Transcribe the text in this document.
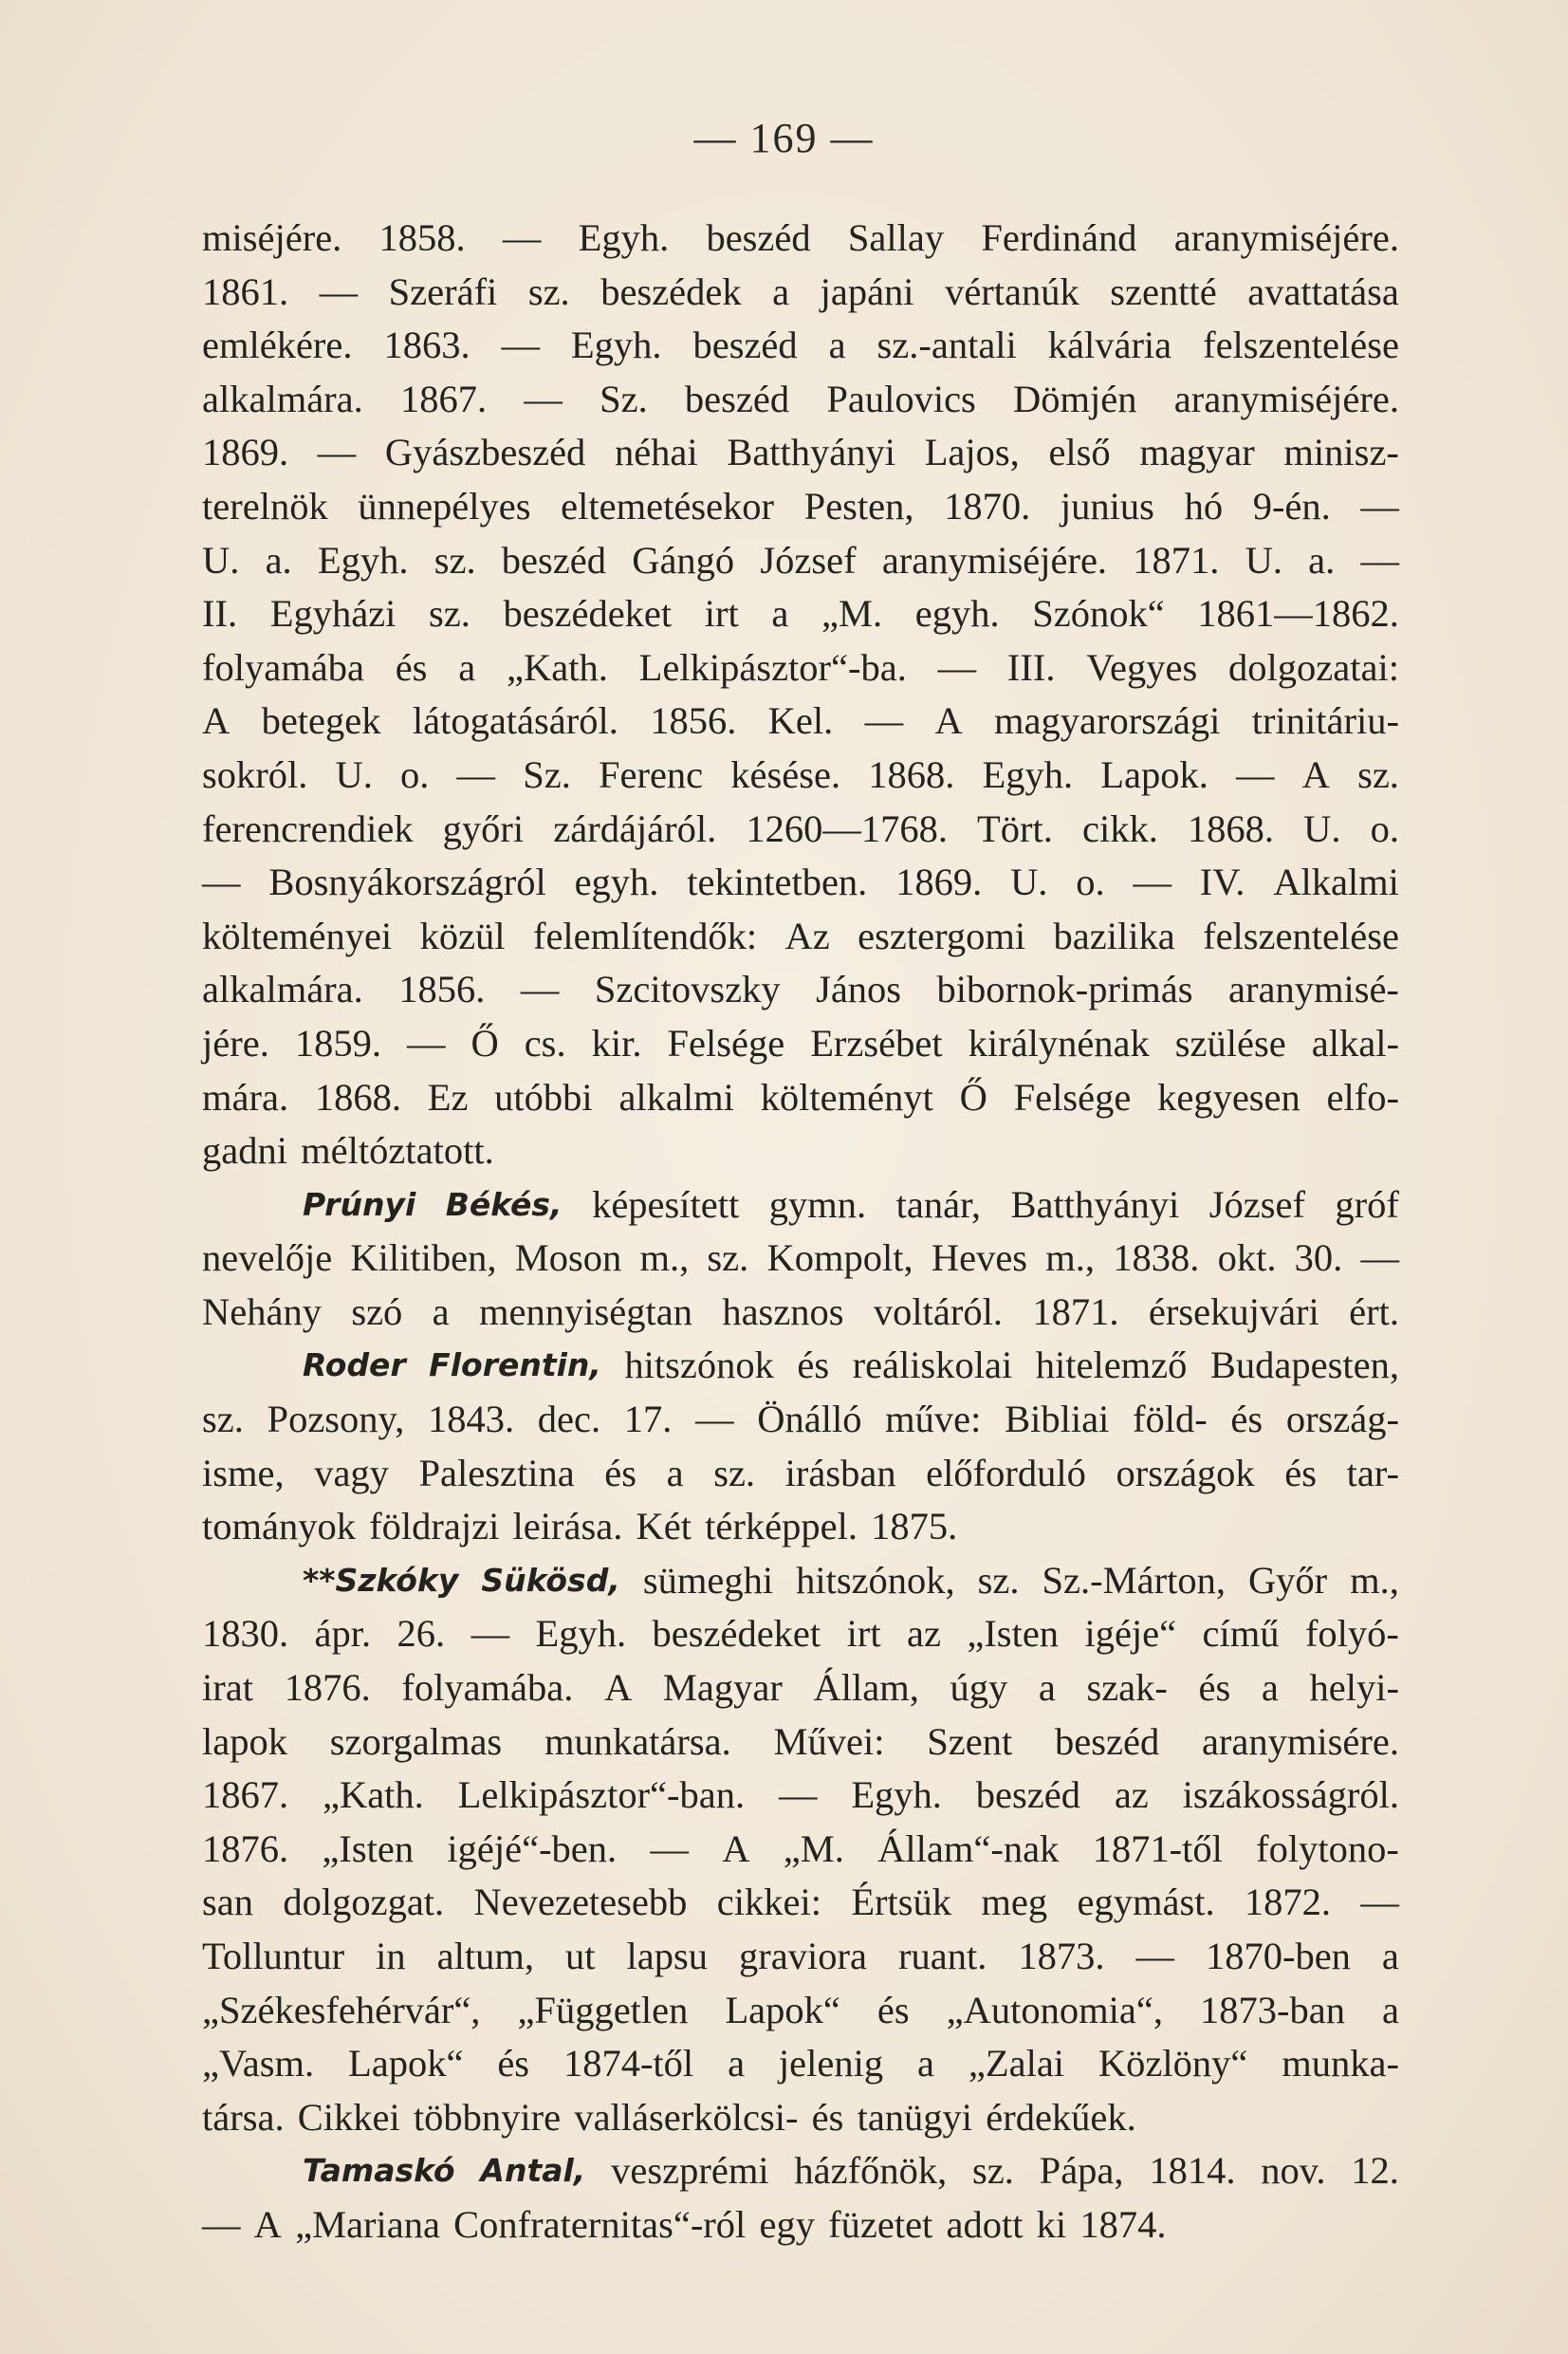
— 169 —
miséjére. 1858. — Egyh. beszéd Sallay Ferdinánd aranymiséjére.
1861. — Szeráfi sz. beszédek a japáni vértanúk szentté avattatása
emlékére. 1863. — Egyh. beszéd a sz.-antali kálvária felszentelése
alkalmára. 1867. — Sz. beszéd Paulovics Dömjén aranymiséjére.
1869. — Gyászbeszéd néhai Batthyányi Lajos, első magyar minisz-
terelnök ünnepélyes eltemetésekor Pesten, 1870. junius hó 9-én. —
U. a. Egyh. sz. beszéd Gángó József aranymiséjére. 1871. U. a. —
II. Egyházi sz. beszédeket irt a „M. egyh. Szónok“ 1861—1862.
folyamába és a „Kath. Lelkipásztor“-ba. — III. Vegyes dolgozatai:
A betegek látogatásáról. 1856. Kel. — A magyarországi trinitáriu-
sokról. U. o. — Sz. Ferenc késése. 1868. Egyh. Lapok. — A sz.
ferencrendiek győri zárdájáról. 1260—1768. Tört. cikk. 1868. U. o.
— Bosnyákországról egyh. tekintetben. 1869. U. o. — IV. Alkalmi
költeményei közül felemlítendők: Az esztergomi bazilika felszentelése
alkalmára. 1856. — Szcitovszky János bibornok-primás aranymisé-
jére. 1859. — Ő cs. kir. Felsége Erzsébet királynénak szülése alkal-
mára. 1868. Ez utóbbi alkalmi költeményt Ő Felsége kegyesen elfo-
gadni méltóztatott.
Prúnyi Békés, képesített gymn. tanár, Batthyányi József gróf
nevelője Kilitiben, Moson m., sz. Kompolt, Heves m., 1838. okt. 30. —
Nehány szó a mennyiségtan hasznos voltáról. 1871. érsekujvári ért.
Roder Florentin, hitszónok és reáliskolai hitelemző Budapesten,
sz. Pozsony, 1843. dec. 17. — Önálló műve: Bibliai föld- és ország-
isme, vagy Palesztina és a sz. irásban előforduló országok és tar-
tományok földrajzi leirása. Két térképpel. 1875.
**Szkóky Sükösd, sümeghi hitszónok, sz. Sz.-Márton, Győr m.,
1830. ápr. 26. — Egyh. beszédeket irt az „Isten igéje“ című folyó-
irat 1876. folyamába. A Magyar Állam, úgy a szak- és a helyi-
lapok szorgalmas munkatársa. Művei: Szent beszéd aranymisére.
1867. „Kath. Lelkipásztor“-ban. — Egyh. beszéd az iszákosságról.
1876. „Isten igéjé“-ben. — A „M. Állam“-nak 1871-től folytono-
san dolgozgat. Nevezetesebb cikkei: Értsük meg egymást. 1872. —
Tolluntur in altum, ut lapsu graviora ruant. 1873. — 1870-ben a
„Székesfehérvár“, „Független Lapok“ és „Autonomia“, 1873-ban a
„Vasm. Lapok“ és 1874-től a jelenig a „Zalai Közlöny“ munka-
társa. Cikkei többnyire valláserkölcsi- és tanügyi érdekűek.
Tamaskó Antal, veszprémi házfőnök, sz. Pápa, 1814. nov. 12.
— A „Mariana Confraternitas“-ról egy füzetet adott ki 1874.
